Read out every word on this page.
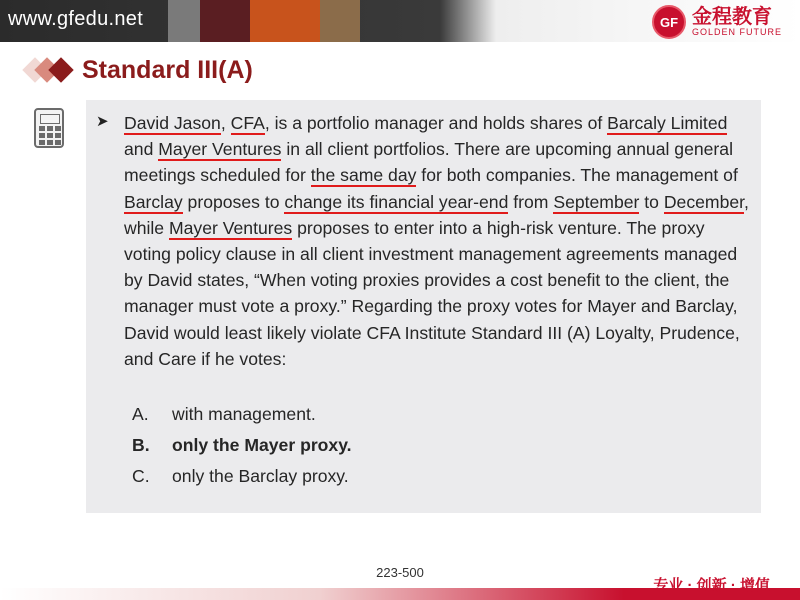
www.gfedu.net	GF 金程教育
GOLDEN FUTURE
Standard III(A)
➤ David Jason, CFA, is a portfolio manager and holds shares of Barcaly Limited and Mayer Ventures in all client portfolios. There are upcoming annual general meetings scheduled for the same day for both companies. The management of Barclay proposes to change its financial year-end from September to December, while Mayer Ventures proposes to enter into a high-risk venture. The proxy voting policy clause in all client investment management agreements managed by David states, “When voting proxies provides a cost benefit to the client, the manager must vote a proxy.” Regarding the proxy votes for Mayer and Barclay, David would least likely violate CFA Institute Standard III (A) Loyalty, Prudence, and Care if he votes:
A.	with management.
B.	only the Mayer proxy.
C.	only the Barclay proxy.
223-500
专业 · 创新 · 增值
